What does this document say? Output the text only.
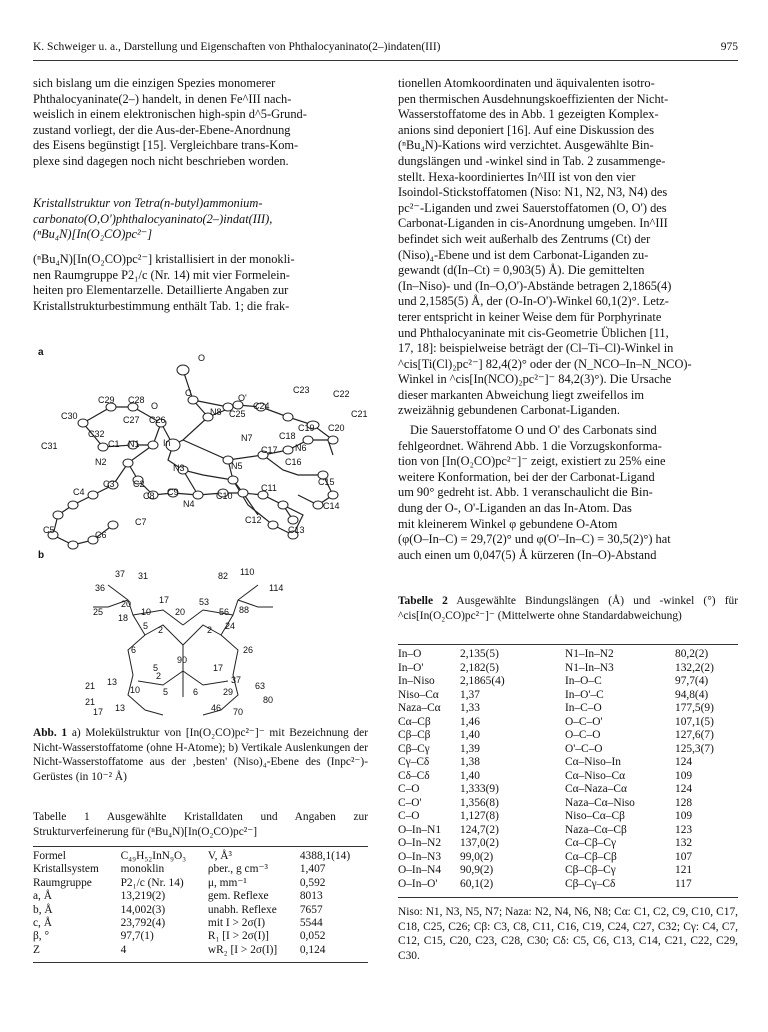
K. Schweiger u. a., Darstellung und Eigenschaften von Phthalocyaninato(2–)indaten(III)	975
sich bislang um die einzigen Spezies monomerer
Phthalocyaninate(2–) handelt, in denen Fe^III nach-
weislich in einem elektronischen high-spin d^5-Grund-
zustand vorliegt, der die Aus-der-Ebene-Anordnung
des Eisens begünstigt [15]. Vergleichbare trans-Kom-
plexe sind dagegen noch nicht beschrieben worden.
Kristallstruktur von Tetra(n-butyl)ammonium-
carbonato(O,O')phthalocyaninato(2–)indat(III),
(ⁿBu₄N)[In(O₂CO)pc²⁻]
(ⁿBu₄N)[In(O₂CO)pc²⁻] kristallisiert in der monokli-
nen Raumgruppe P2₁/c (Nr. 14) mit vier Formelein-
heiten pro Elementarzelle. Detaillierte Angaben zur
Kristallstrukturbestimmung enthält Tab. 1; die frak-
a
b
O
C	O'
O
C23	C22
C29 C28
N8 C25
C24
C21
C30	C27 C26
C19 C20
C32
In	N7	C18
N6
C31	C1 N1
C17
N2
N3	N5	C16
C15
C3 C2
C4	C8 C9	C10
C11
C14
N4
C5
C7	C12
C13
C6
37 31	82 110
36	114
20	17	53
25
18
10	20	56 88
5 2	2 24
6	26
90
5
2
17
21 13	37
63
10	5	6	29
21	80
17 13	46 70
Abb. 1 a) Molekülstruktur von [In(O₂CO)pc²⁻]⁻ mit Bezeichnung der Nicht-Wasserstoffatome (ohne H-Atome); b) Vertikale Auslenkungen der Nicht-Wasserstoffatome aus der ‚besten' (Niso)₄-Ebene des (Inpc²⁻)-Gerüstes (in 10⁻² Å)
Tabelle 1 Ausgewählte Kristalldaten und Angaben zur Strukturverfeinerung für (ⁿBu₄N)[In(O₂CO)pc²⁻]
Formel	C₄₉H₅₂InN₉O₃	V, Å³	4388,1(14)
Kristallsystem	monoklin	ρber., g cm⁻³	1,407
Raumgruppe	P2₁/c (Nr. 14)	μ, mm⁻¹	0,592
a, Å	13,219(2)	gem. Reflexe	8013
b, Å	14,002(3)	unabh. Reflexe	7657
c, Å	23,792(4)	mit I > 2σ(I)	5544
β, °	97,7(1)	R₁ [I > 2σ(I)]	0,052
Z	4	wR₂ [I > 2σ(I)]	0,124
tionellen Atomkoordinaten und äquivalenten isotro-
pen thermischen Ausdehnungskoeffizienten der Nicht-
Wasserstoffatome des in Abb. 1 gezeigten Komplex-
anions sind deponiert [16]. Auf eine Diskussion des
(ⁿBu₄N)-Kations wird verzichtet. Ausgewählte Bin-
dungslängen und -winkel sind in Tab. 2 zusammenge-
stellt. Hexa-koordiniertes In^III ist von den vier
Isoindol-Stickstoffatomen (Niso: N1, N2, N3, N4) des
pc²⁻-Liganden und zwei Sauerstoffatomen (O, O') des
Carbonat-Liganden in cis-Anordnung umgeben. In^III
befindet sich weit außerhalb des Zentrums (Ct) der
(Niso)₄-Ebene und ist dem Carbonat-Liganden zu-
gewandt (d(In–Ct) = 0,903(5) Å). Die gemittelten
(In–Niso)- und (In–O,O')-Abstände betragen 2,1865(4)
und 2,1585(5) Å, der (O-In-O')-Winkel 60,1(2)°. Letz-
terer entspricht in keiner Weise dem für Porphyrinate
und Phthalocyaninate mit cis-Geometrie Üblichen [11,
17, 18]: beispielweise beträgt der (Cl–Ti–Cl)-Winkel in
^cis[Ti(Cl)₂pc²⁻] 82,4(2)° oder der (N_NCO–In–N_NCO)-
Winkel in ^cis[In(NCO)₂pc²⁻]⁻ 84,2(3)°). Die Ursache
dieser markanten Abweichung liegt zweifellos im
zweizähnig gebundenen Carbonat-Liganden.
Die Sauerstoffatome O und O' des Carbonats sind
fehlgeordnet. Während Abb. 1 die Vorzugskonforma-
tion von [In(O₂CO)pc²⁻]⁻ zeigt, existiert zu 25% eine
weitere Konformation, bei der der Carbonat-Ligand
um 90° gedreht ist. Abb. 1 veranschaulicht die Bin-
dung der O-, O'-Liganden an das In-Atom. Das
mit kleinerem Winkel φ gebundene O-Atom
(φ(O–In–C) = 29,7(2)° und φ(O'–In–C) = 30,5(2)°) hat
auch einen um 0,047(5) Å kürzeren (In–O)-Abstand
Tabelle 2 Ausgewählte Bindungslängen (Å) und -winkel (°) für ^cis[In(O₂CO)pc²⁻]⁻ (Mittelwerte ohne Standardabweichung)
In–O	2,135(5)	N1–In–N2	80,2(2)
In–O'	2,182(5)	N1–In–N3	132,2(2)
In–Niso	2,1865(4)	In–O–C	97,7(4)
Niso–Cα	1,37	In–O'–C	94,8(4)
Naza–Cα	1,33	In–C–O	177,5(9)
Cα–Cβ	1,46	O–C–O'	107,1(5)
Cβ–Cβ	1,40	O–C–O	127,6(7)
Cβ–Cγ	1,39	O'–C–O	125,3(7)
Cγ–Cδ	1,38	Cα–Niso–In	124
Cδ–Cδ	1,40	Cα–Niso–Cα	109
C–O	1,333(9)	Cα–Naza–Cα	124
C–O'	1,356(8)	Naza–Cα–Niso	128
C–O	1,127(8)	Niso–Cα–Cβ	109
O–In–N1	124,7(2)	Naza–Cα–Cβ	123
O–In–N2	137,0(2)	Cα–Cβ–Cγ	132
O–In–N3	99,0(2)	Cα–Cβ–Cβ	107
O–In–N4	90,9(2)	Cβ–Cβ–Cγ	121
O–In–O'	60,1(2)	Cβ–Cγ–Cδ	117
Niso: N1, N3, N5, N7; Naza: N2, N4, N6, N8; Cα: C1, C2, C9, C10, C17, C18, C25, C26; Cβ: C3, C8, C11, C16, C19, C24, C27, C32; Cγ: C4, C7, C12, C15, C20, C23, C28, C30; Cδ: C5, C6, C13, C14, C21, C22, C29, C30.
